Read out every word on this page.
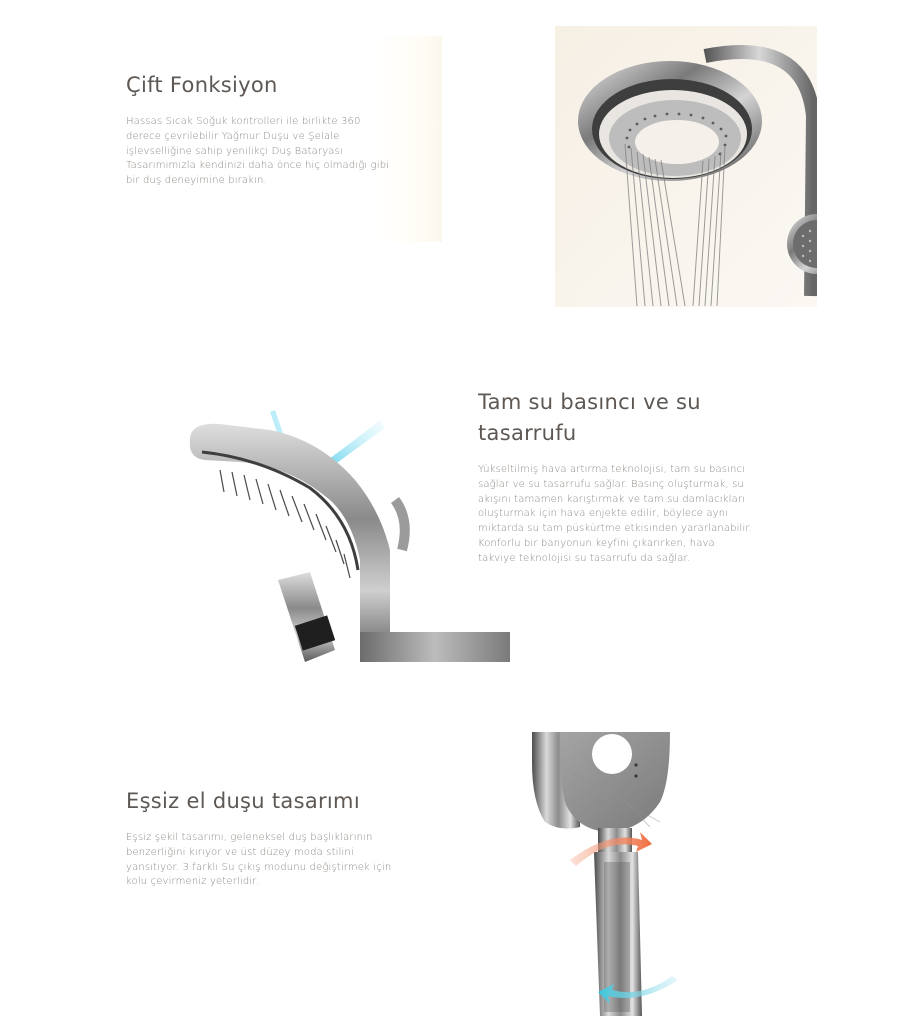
Çift Fonksiyon

Hassas Sıcak Soğuk kontrolleri ile birlikte 360 derece çevrilebilir Yağmur Duşu ve Şelale işlevselliğine sahip yenilikçi Duş Bataryası Tasarımımızla kendinizi daha önce hiç olmadığı gibi bir duş deneyimine bırakın.

Tam su basıncı ve su tasarrufu

Yükseltilmiş hava artırma teknolojisi, tam su basıncı sağlar ve su tasarrufu sağlar. Basınç oluşturmak, su akışını tamamen karıştırmak ve tam su damlacıkları oluşturmak için hava enjekte edilir, böylece aynı miktarda su tam püskürtme etkisinden yararlanabilir. Konforlu bir banyonun keyfini çıkarırken, hava takviye teknolojisi su tasarrufu da sağlar.

Eşsiz el duşu tasarımı

Eşsiz şekil tasarımı, geleneksel duş başlıklarının benzerliğini kırıyor ve üst düzey moda stilini yansıtıyor. 3 farklı Su çıkış modunu değiştirmek için kolu çevirmeniz yeterlidir.
